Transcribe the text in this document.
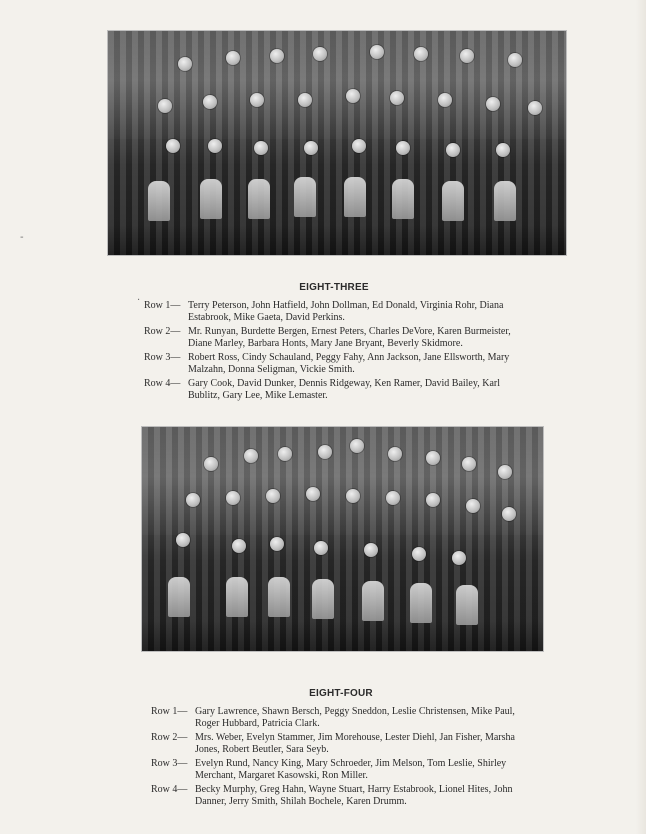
-
EIGHT-THREE
Row 1— Terry Peterson, John Hatfield, John Dollman, Ed Donald, Virginia Rohr, Diana Estabrook, Mike Gaeta, David Perkins.
Row 2— Mr. Runyan, Burdette Bergen, Ernest Peters, Charles DeVore, Karen Burmeister, Diane Marley, Barbara Honts, Mary Jane Bryant, Beverly Skidmore.
Row 3— Robert Ross, Cindy Schauland, Peggy Fahy, Ann Jackson, Jane Ellsworth, Mary Malzahn, Donna Seligman, Vickie Smith.
Row 4— Gary Cook, David Dunker, Dennis Ridgeway, Ken Ramer, David Bailey, Karl Bublitz, Gary Lee, Mike Lemaster.
EIGHT-FOUR
Row 1— Gary Lawrence, Shawn Bersch, Peggy Sneddon, Leslie Christensen, Mike Paul, Roger Hubbard, Patricia Clark.
Row 2— Mrs. Weber, Evelyn Stammer, Jim Morehouse, Lester Diehl, Jan Fisher, Marsha Jones, Robert Beutler, Sara Seyb.
Row 3— Evelyn Rund, Nancy King, Mary Schroeder, Jim Melson, Tom Leslie, Shirley Merchant, Margaret Kasowski, Ron Miller.
Row 4— Becky Murphy, Greg Hahn, Wayne Stuart, Harry Estabrook, Lionel Hites, John Danner, Jerry Smith, Shilah Bochele, Karen Drumm.
·
